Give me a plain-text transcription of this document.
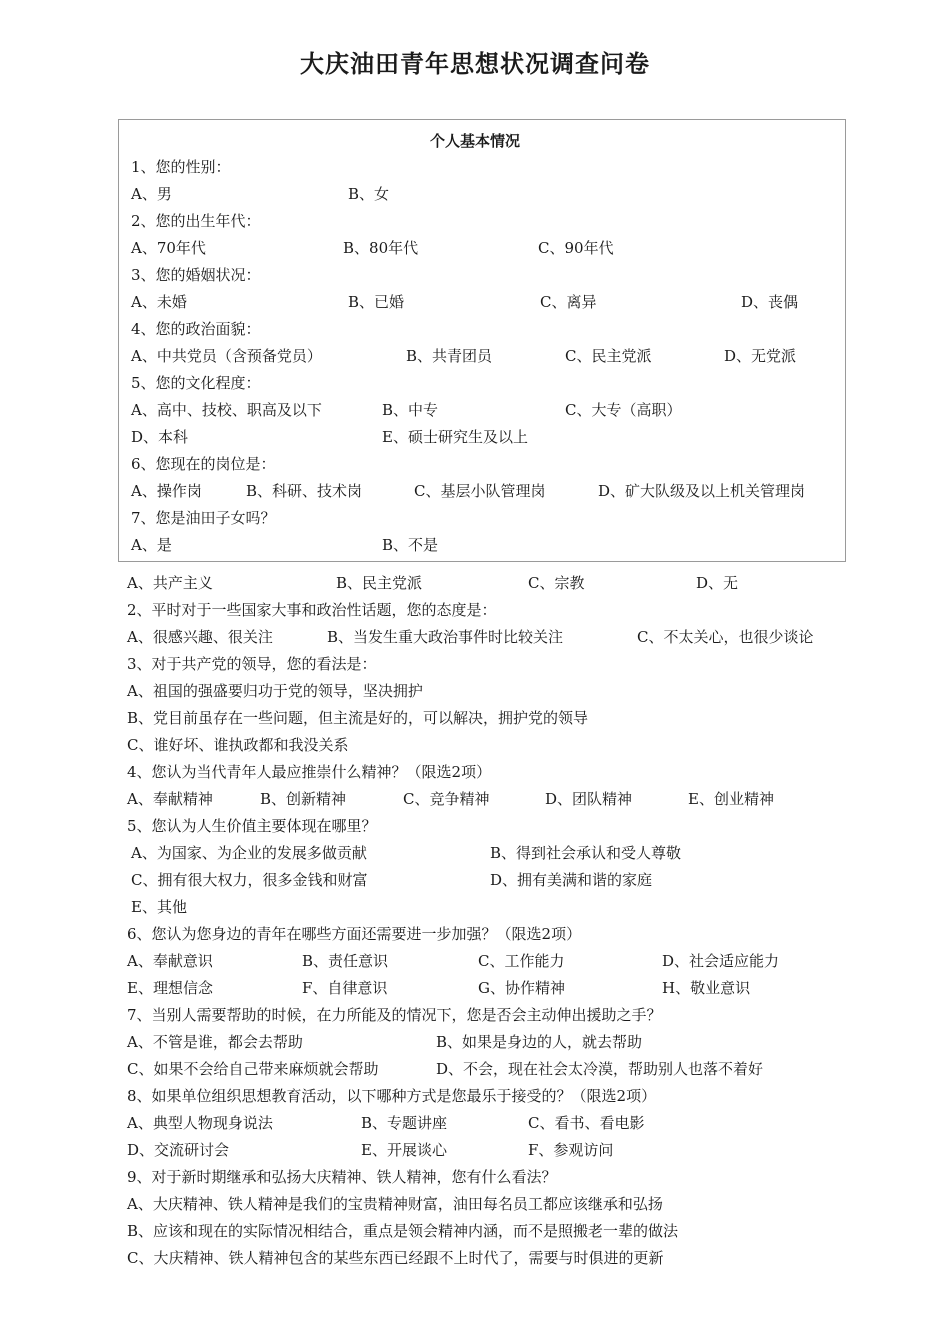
大庆油田青年思想状况调查问卷
个人基本情况
1、您的性别：
A、男	B、女
2、您的出生年代：
A、70年代	B、80年代	C、90年代
3、您的婚姻状况：
A、未婚	B、已婚	C、离异	D、丧偶
4、您的政治面貌：
A、中共党员（含预备党员）	B、共青团员	C、民主党派	D、无党派
5、您的文化程度：
A、高中、技校、职高及以下	B、中专	C、大专（高职）
D、本科	E、硕士研究生及以上
6、您现在的岗位是：
A、操作岗	B、科研、技术岗	C、基层小队管理岗	D、矿大队级及以上机关管理岗
7、您是油田子女吗？
A、是	B、不是
A、共产主义	B、民主党派	C、宗教	D、无
2、平时对于一些国家大事和政治性话题，您的态度是：
A、很感兴趣、很关注	B、当发生重大政治事件时比较关注	C、不太关心，也很少谈论
3、对于共产党的领导，您的看法是：
A、祖国的强盛要归功于党的领导，坚决拥护
B、党目前虽存在一些问题，但主流是好的，可以解决，拥护党的领导
C、谁好坏、谁执政都和我没关系
4、您认为当代青年人最应推崇什么精神？（限选2项）
A、奉献精神	B、创新精神	C、竞争精神	D、团队精神	E、创业精神
5、您认为人生价值主要体现在哪里？
A、为国家、为企业的发展多做贡献	B、得到社会承认和受人尊敬
C、拥有很大权力，很多金钱和财富	D、拥有美满和谐的家庭
E、其他
6、您认为您身边的青年在哪些方面还需要进一步加强？（限选2项）
A、奉献意识	B、责任意识	C、工作能力	D、社会适应能力
E、理想信念	F、自律意识	G、协作精神	H、敬业意识
7、当别人需要帮助的时候，在力所能及的情况下，您是否会主动伸出援助之手？
A、不管是谁，都会去帮助	B、如果是身边的人，就去帮助
C、如果不会给自己带来麻烦就会帮助	D、不会，现在社会太冷漠，帮助别人也落不着好
8、如果单位组织思想教育活动，以下哪种方式是您最乐于接受的？（限选2项）
A、典型人物现身说法	B、专题讲座	C、看书、看电影
D、交流研讨会	E、开展谈心	F、参观访问
9、对于新时期继承和弘扬大庆精神、铁人精神，您有什么看法？
A、大庆精神、铁人精神是我们的宝贵精神财富，油田每名员工都应该继承和弘扬
B、应该和现在的实际情况相结合，重点是领会精神内涵，而不是照搬老一辈的做法
C、大庆精神、铁人精神包含的某些东西已经跟不上时代了，需要与时俱进的更新
